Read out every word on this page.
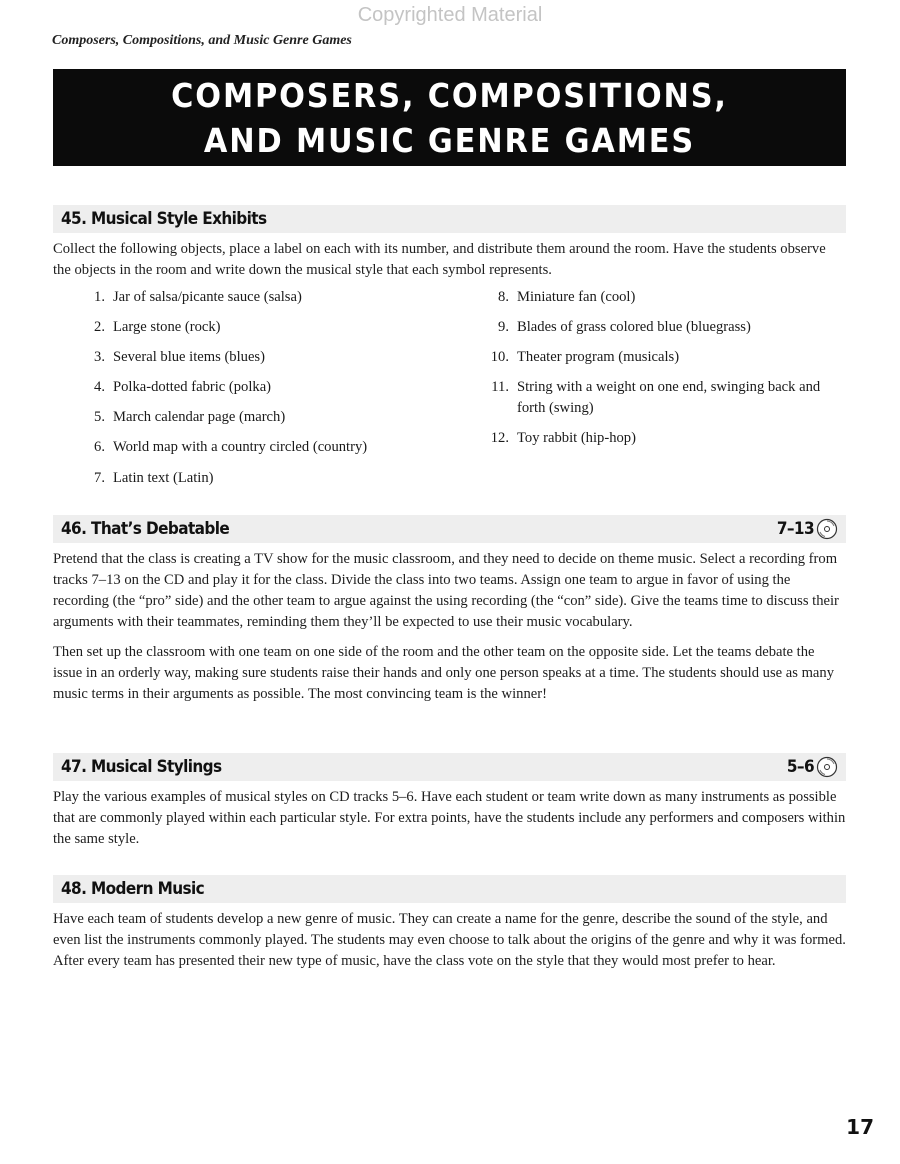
Copyrighted Material
Composers, Compositions, and Music Genre Games
COMPOSERS, COMPOSITIONS,
AND MUSIC GENRE GAMES
45. Musical Style Exhibits

Collect the following objects, place a label on each with its number, and distribute them around the room. Have the students observe the objects in the room and write down the musical style that each symbol represents.

1. Jar of salsa/picante sauce (salsa)
2. Large stone (rock)
3. Several blue items (blues)
4. Polka-dotted fabric (polka)
5. March calendar page (march)
6. World map with a country circled (country)
7. Latin text (Latin)
8. Miniature fan (cool)
9. Blades of grass colored blue (bluegrass)
10. Theater program (musicals)
11. String with a weight on one end, swinging back and forth (swing)
12. Toy rabbit (hip-hop)
46. That’s Debatable	7–13

Pretend that the class is creating a TV show for the music classroom, and they need to decide on theme music. Select a recording from tracks 7–13 on the CD and play it for the class. Divide the class into two teams. Assign one team to argue in favor of using the recording (the “pro” side) and the other team to argue against the using recording (the “con” side). Give the teams time to discuss their arguments with their teammates, reminding them they’ll be expected to use their music vocabulary.

Then set up the classroom with one team on one side of the room and the other team on the opposite side. Let the teams debate the issue in an orderly way, making sure students raise their hands and only one person speaks at a time. The students should use as many music terms in their arguments as possible. The most convincing team is the winner!

47. Musical Stylings	5–6

Play the various examples of musical styles on CD tracks 5–6. Have each student or team write down as many instruments as possible that are commonly played within each particular style. For extra points, have the students include any performers and composers within the same style.

48. Modern Music

Have each team of students develop a new genre of music. They can create a name for the genre, describe the sound of the style, and even list the instruments commonly played. The students may even choose to talk about the origins of the genre and why it was formed. After every team has presented their new type of music, have the class vote on the style that they would most prefer to hear.

17
